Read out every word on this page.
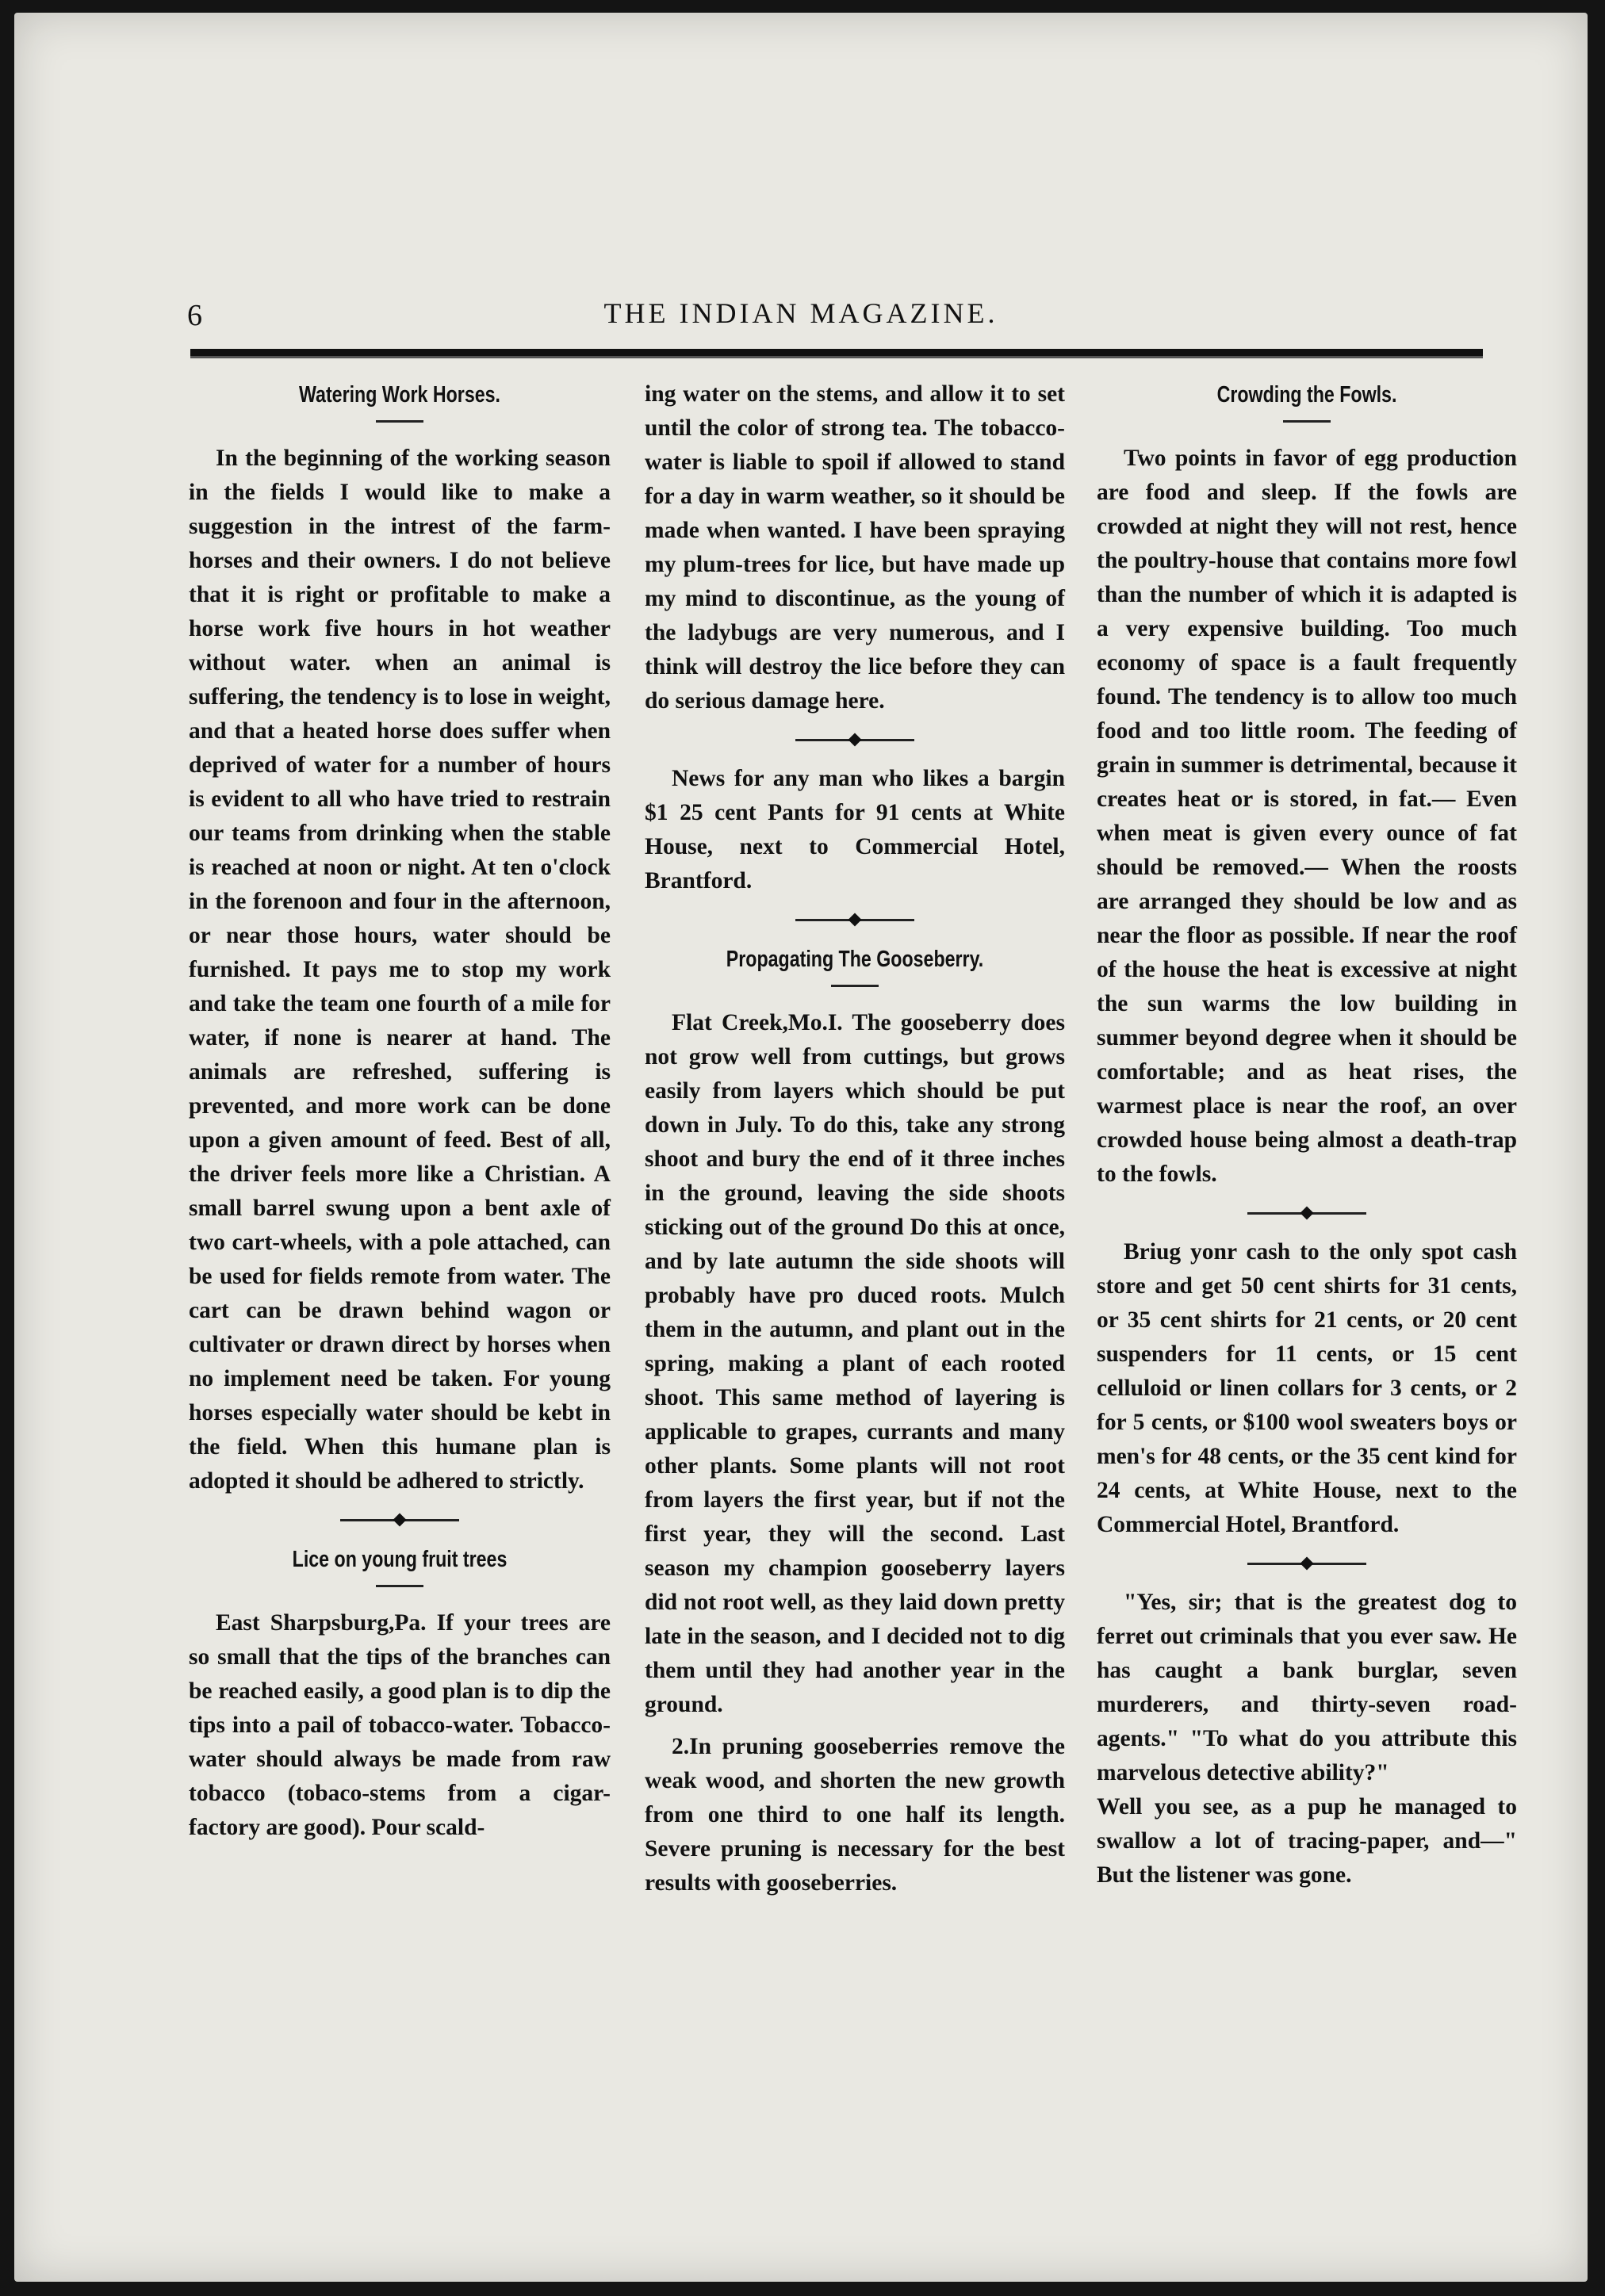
6	THE INDIAN MAGAZINE.
Watering Work Horses.

In the beginning of the working season in the fields I would like to make a suggestion in the intrest of the farm-horses and their owners. I do not believe that it is right or profitable to make a horse work five hours in hot weather without water. when an animal is suffering, the tendency is to lose in weight, and that a heated horse does suffer when deprived of water for a number of hours is evident to all who have tried to restrain our teams from drinking when the stable is reached at noon or night. At ten o'clock in the forenoon and four in the afternoon, or near those hours, water should be furnished. It pays me to stop my work and take the team one fourth of a mile for water, if none is nearer at hand. The animals are refreshed, suffering is prevented, and more work can be done upon a given amount of feed. Best of all, the driver feels more like a Christian. A small barrel swung upon a bent axle of two cart-wheels, with a pole attached, can be used for fields remote from water. The cart can be drawn behind wagon or cultivater or drawn direct by horses when no implement need be taken. For young horses especially water should be kebt in the field. When this humane plan is adopted it should be adhered to strictly.

Lice on young fruit trees

East Sharpsburg,Pa. If your trees are so small that the tips of the branches can be reached easily, a good plan is to dip the tips into a pail of tobacco-water. Tobacco-water should always be made from raw tobacco (tobaco-stems from a cigar-factory are good). Pour scald-

ing water on the stems, and allow it to set until the color of strong tea. The tobacco-water is liable to spoil if allowed to stand for a day in warm weather, so it should be made when wanted. I have been spraying my plum-trees for lice, but have made up my mind to discontinue, as the young of the ladybugs are very numerous, and I think will destroy the lice before they can do serious damage here.

News for any man who likes a bargin $1 25 cent Pants for 91 cents at White House, next to Commercial Hotel, Brantford.

Propagating The Gooseberry.

Flat Creek,Mo.I. The gooseberry does not grow well from cuttings, but grows easily from layers which should be put down in July. To do this, take any strong shoot and bury the end of it three inches in the ground, leaving the side shoots sticking out of the ground Do this at once, and by late autumn the side shoots will probably have pro duced roots. Mulch them in the autumn, and plant out in the spring, making a plant of each rooted shoot. This same method of layering is applicable to grapes, currants and many other plants. Some plants will not root from layers the first year, but if not the first year, they will the second. Last season my champion gooseberry layers did not root well, as they laid down pretty late in the season, and I decided not to dig them until they had another year in the ground.

2.In pruning gooseberries remove the weak wood, and shorten the new growth from one third to one half its length. Severe pruning is necessary for the best results with gooseberries.

Crowding the Fowls.

Two points in favor of egg production are food and sleep. If the fowls are crowded at night they will not rest, hence the poultry-house that contains more fowl than the number of which it is adapted is a very expensive building. Too much economy of space is a fault frequently found. The tendency is to allow too much food and too little room. The feeding of grain in summer is detrimental, because it creates heat or is stored, in fat.— Even when meat is given every ounce of fat should be removed.— When the roosts are arranged they should be low and as near the floor as possible. If near the roof of the house the heat is excessive at night the sun warms the low building in summer beyond degree when it should be comfortable; and as heat rises, the warmest place is near the roof, an over crowded house being almost a death-trap to the fowls.

Briug yonr cash to the only spot cash store and get 50 cent shirts for 31 cents, or 35 cent shirts for 21 cents, or 20 cent suspenders for 11 cents, or 15 cent celluloid or linen collars for 3 cents, or 2 for 5 cents, or $100 wool sweaters boys or men's for 48 cents, or the 35 cent kind for 24 cents, at White House, next to the Commercial Hotel, Brantford.

"Yes, sir; that is the greatest dog to ferret out criminals that you ever saw. He has caught a bank burglar, seven murderers, and thirty-seven road-agents." "To what do you attribute this marvelous detective ability?"

Well you see, as a pup he managed to swallow a lot of tracing-paper, and—" But the listener was gone.
